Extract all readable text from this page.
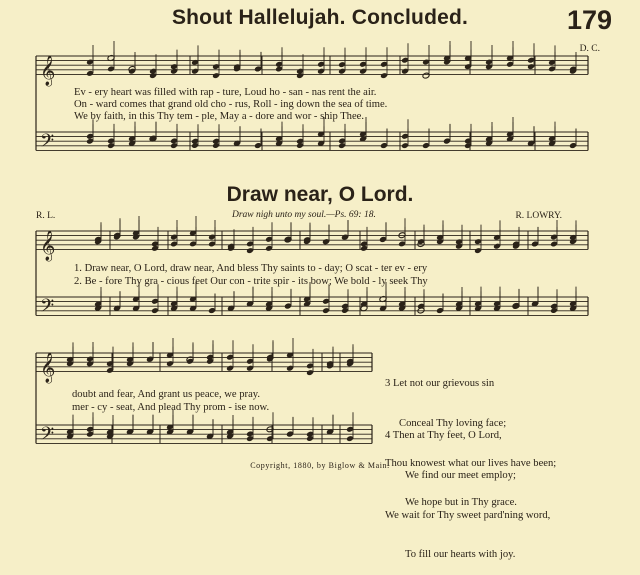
𝄞
𝄞
𝄞
𝄢
𝄢
𝄢
Shout Hallelujah. Concluded.	179
D. C.
Ev - ery heart was filled with rap - ture, Loud ho - san - nas rent the air.
On - ward comes that grand old cho - rus, Roll - ing down the sea of time.
We by faith, in this Thy tem - ple, May a - dore and wor - ship Thee.
Draw near, O Lord.
R. L.	Draw nigh unto my soul.—Ps. 69: 18.	R. LOWRY.
1. Draw near, O Lord, draw near, And bless Thy saints to - day; O scat - ter ev - ery
2. Be - fore Thy gra - cious feet Our con - trite spir - its bow; We bold - ly seek Thy
doubt and fear, And grant us peace, we pray.
mer - cy - seat, And plead Thy prom - ise now.

3 Let not our grievous sin

Conceal Thy loving face;

Thou knowest what our lives have been;

We hope but in Thy grace.

4 Then at Thy feet, O Lord,

We find our meet employ;

We wait for Thy sweet pard'ning word,

To fill our hearts with joy.

Copyright, 1880, by Biglow & Main.
